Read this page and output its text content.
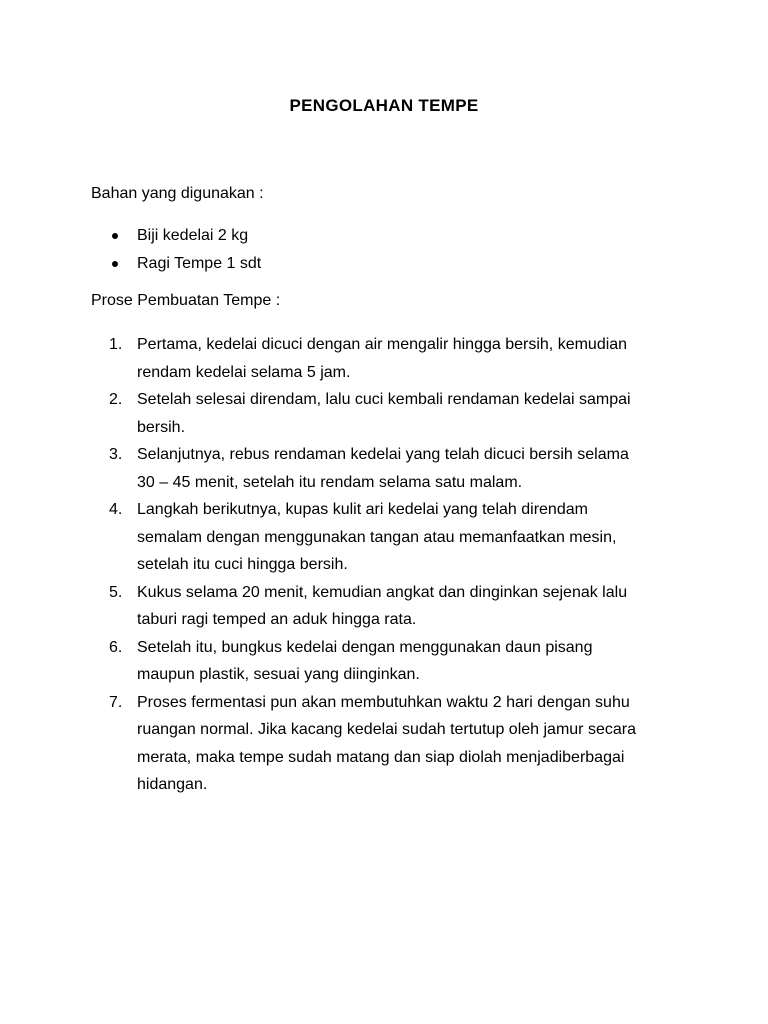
PENGOLAHAN TEMPE
Bahan yang digunakan :
Biji kedelai 2 kg
Ragi Tempe 1 sdt
Prose Pembuatan Tempe :
1. Pertama, kedelai dicuci dengan air mengalir hingga bersih, kemudian
rendam kedelai selama 5 jam.
2. Setelah selesai direndam, lalu cuci kembali rendaman kedelai sampai
bersih.
3. Selanjutnya, rebus rendaman kedelai yang telah dicuci bersih selama
30 – 45 menit, setelah itu rendam selama satu malam.
4. Langkah berikutnya, kupas kulit ari kedelai yang telah direndam
semalam dengan menggunakan tangan atau memanfaatkan mesin,
setelah itu cuci hingga bersih.
5. Kukus selama 20 menit, kemudian angkat dan dinginkan sejenak lalu
taburi ragi temped an aduk hingga rata.
6. Setelah itu, bungkus kedelai dengan menggunakan daun pisang
maupun plastik, sesuai yang diinginkan.
7. Proses fermentasi pun akan membutuhkan waktu 2 hari dengan suhu
ruangan normal. Jika kacang kedelai sudah tertutup oleh jamur secara
merata, maka tempe sudah matang dan siap diolah menjadiberbagai
hidangan.
